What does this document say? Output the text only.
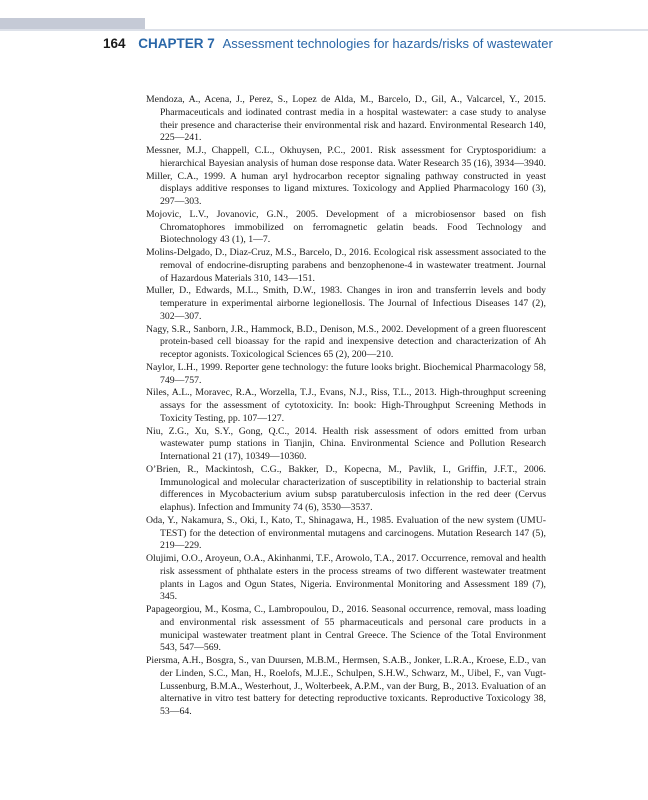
164 CHAPTER 7 Assessment technologies for hazards/risks of wastewater
Mendoza, A., Acena, J., Perez, S., Lopez de Alda, M., Barcelo, D., Gil, A., Valcarcel, Y., 2015. Pharmaceuticals and iodinated contrast media in a hospital wastewater: a case study to analyse their presence and characterise their environmental risk and hazard. Environmental Research 140, 225—241.
Messner, M.J., Chappell, C.L., Okhuysen, P.C., 2001. Risk assessment for Cryptosporidium: a hierarchical Bayesian analysis of human dose response data. Water Research 35 (16), 3934—3940.
Miller, C.A., 1999. A human aryl hydrocarbon receptor signaling pathway constructed in yeast displays additive responses to ligand mixtures. Toxicology and Applied Pharmacology 160 (3), 297—303.
Mojovic, L.V., Jovanovic, G.N., 2005. Development of a microbiosensor based on fish Chromatophores immobilized on ferromagnetic gelatin beads. Food Technology and Biotechnology 43 (1), 1—7.
Molins-Delgado, D., Diaz-Cruz, M.S., Barcelo, D., 2016. Ecological risk assessment associated to the removal of endocrine-disrupting parabens and benzophenone-4 in wastewater treatment. Journal of Hazardous Materials 310, 143—151.
Muller, D., Edwards, M.L., Smith, D.W., 1983. Changes in iron and transferrin levels and body temperature in experimental airborne legionellosis. The Journal of Infectious Diseases 147 (2), 302—307.
Nagy, S.R., Sanborn, J.R., Hammock, B.D., Denison, M.S., 2002. Development of a green fluorescent protein-based cell bioassay for the rapid and inexpensive detection and characterization of Ah receptor agonists. Toxicological Sciences 65 (2), 200—210.
Naylor, L.H., 1999. Reporter gene technology: the future looks bright. Biochemical Pharmacology 58, 749—757.
Niles, A.L., Moravec, R.A., Worzella, T.J., Evans, N.J., Riss, T.L., 2013. High-throughput screening assays for the assessment of cytotoxicity. In: book: High-Throughput Screening Methods in Toxicity Testing, pp. 107—127.
Niu, Z.G., Xu, S.Y., Gong, Q.C., 2014. Health risk assessment of odors emitted from urban wastewater pump stations in Tianjin, China. Environmental Science and Pollution Research International 21 (17), 10349—10360.
O’Brien, R., Mackintosh, C.G., Bakker, D., Kopecna, M., Pavlik, I., Griffin, J.F.T., 2006. Immunological and molecular characterization of susceptibility in relationship to bacterial strain differences in Mycobacterium avium subsp paratuberculosis infection in the red deer (Cervus elaphus). Infection and Immunity 74 (6), 3530—3537.
Oda, Y., Nakamura, S., Oki, I., Kato, T., Shinagawa, H., 1985. Evaluation of the new system (UMU-TEST) for the detection of environmental mutagens and carcinogens. Mutation Research 147 (5), 219—229.
Olujimi, O.O., Aroyeun, O.A., Akinhanmi, T.F., Arowolo, T.A., 2017. Occurrence, removal and health risk assessment of phthalate esters in the process streams of two different wastewater treatment plants in Lagos and Ogun States, Nigeria. Environmental Monitoring and Assessment 189 (7), 345.
Papageorgiou, M., Kosma, C., Lambropoulou, D., 2016. Seasonal occurrence, removal, mass loading and environmental risk assessment of 55 pharmaceuticals and personal care products in a municipal wastewater treatment plant in Central Greece. The Science of the Total Environment 543, 547—569.
Piersma, A.H., Bosgra, S., van Duursen, M.B.M., Hermsen, S.A.B., Jonker, L.R.A., Kroese, E.D., van der Linden, S.C., Man, H., Roelofs, M.J.E., Schulpen, S.H.W., Schwarz, M., Uibel, F., van Vugt-Lussenburg, B.M.A., Westerhout, J., Wolterbeek, A.P.M., van der Burg, B., 2013. Evaluation of an alternative in vitro test battery for detecting reproductive toxicants. Reproductive Toxicology 38, 53—64.
